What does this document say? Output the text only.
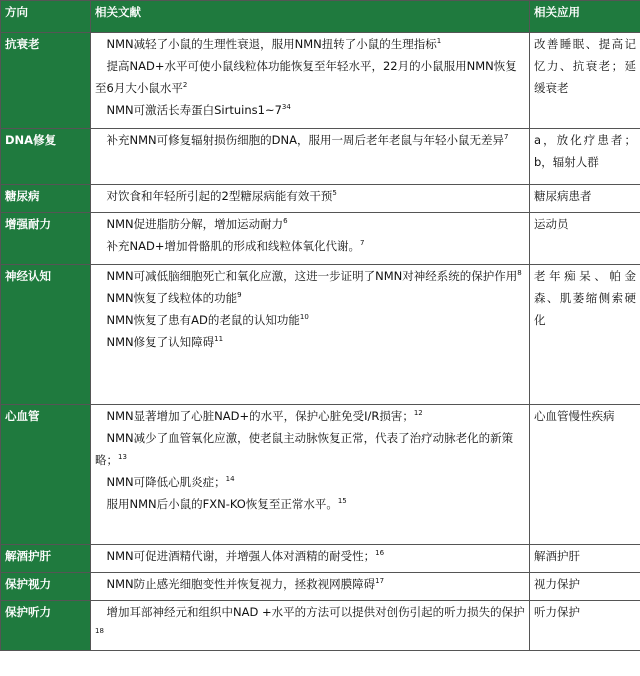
方向	相关文献	相关应用
抗衰老	NMN减轻了小鼠的生理性衰退，服用NMN扭转了小鼠的生理指标$^1$
提高NAD+水平可使小鼠线粒体功能恢复至年轻水平，22月的小鼠服用NMN恢复至6月大小鼠水平$^2$
NMN可激活长寿蛋白$Sirtuins1\sim 7^{34}$	改善睡眠、提高记忆力、抗衰老；延缓衰老
DNA修复	补充NMN可修复辐射损伤细胞的DNA，服用一周后老年老鼠与年轻小鼠无差异$^7$	a，放化疗患者；b，辐射人群
糖尿病	对饮食和年轻所引起的2型糖尿病能有效干预$^5$	糖尿病患者
增强耐力	NMN促进脂肪分解，增加运动耐力$^6$
补充NAD+增加骨骼肌的形成和线粒体氧化代谢。$^7$	运动员
神经认知	NMN可减低脑细胞死亡和氧化应激，这进一步证明了NMN对神经系统的保护作用$^8$
NMN恢复了线粒体的功能$^9$
NMN恢复了患有AD的老鼠的认知功能$^{10}$
NMN修复了认知障碍$^{11}$	老年痴呆、帕金森、肌萎缩侧索硬化
心血管	NMN显著增加了心脏NAD+的水平，保护心脏免受I/R损害；$^{12}$
NMN减少了血管氧化应激，使老鼠主动脉恢复正常，代表了治疗动脉老化的新策略；$^{13}$
NMN可降低心肌炎症；$^{14}$
服用NMN后小鼠的FXN-KO恢复至正常水平。$^{15}$	心血管慢性疾病
解酒护肝	NMN可促进酒精代谢，并增强人体对酒精的耐受性；$^{16}$	解酒护肝
保护视力	NMN防止感光细胞变性并恢复视力，拯救视网膜障碍$^{17}$	视力保护
保护听力	增加耳部神经元和组织中NAD +水平的方法可以提供对创伤引起的听力损失的保护$^{18}$	听力保护
